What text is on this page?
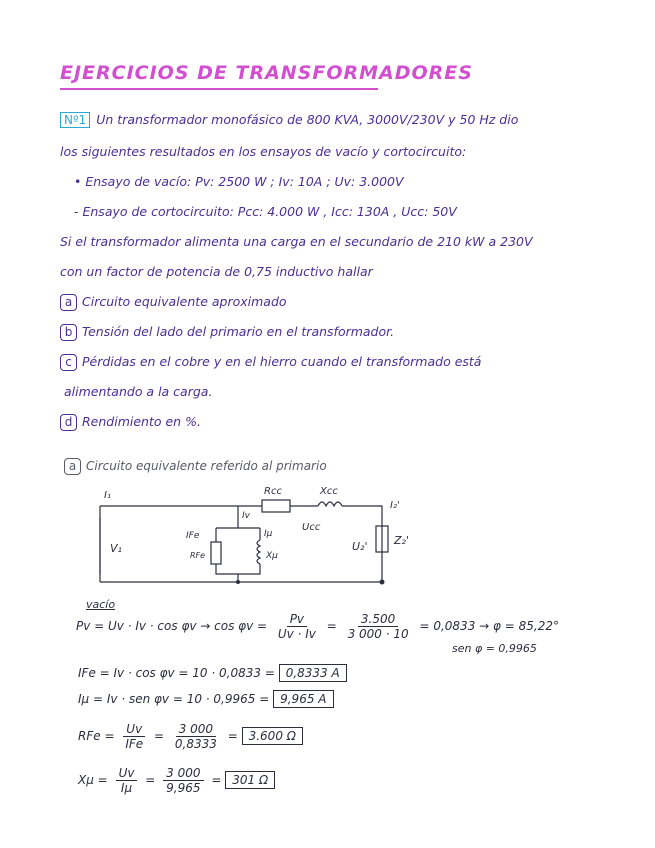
EJERCICIOS DE TRANSFORMADORES
Nº1 Un transformador monofásico de 800 KVA, 3000V/230V y 50 Hz dio
los siguientes resultados en los ensayos de vacío y cortocircuito:
• Ensayo de vacío: Pv: 2500 W ; Iv: 10A ; Uv: 3.000V
- Ensayo de cortocircuito: Pcc: 4.000 W , Icc: 130A , Ucc: 50V
Si el transformador alimenta una carga en el secundario de 210 kW a 230V
con un factor de potencia de 0,75 inductivo hallar
a Circuito equivalente aproximado
b Tensión del lado del primario en el transformador.
c Pérdidas en el cobre y en el hierro cuando el transformado está
alimentando a la carga.
d Rendimiento en %.
a Circuito equivalente referido al primario
I₁	Rcc	Xcc
I₂'
Iv
IFe	Iμ
Ucc
RFe	Xμ
V₁	U₂' Z₂'
vacío
$Pv = Uv \cdot Iv \cdot \cos \varphi v \to \cos \varphi v = \frac{Pv}{Uv \cdot Iv} = \frac{3.500}{3 000 \cdot 10} = 0,0833 \to \varphi = 85,22^\circ$
sen φ = 0,9965
IFe = Iv · cos φv = 10 · 0,0833 = 0,8333 A
Iμ = Iv · sen φv = 10 · 0,9965 = 9,965 A
RFe = $\frac{Uv}{\text{IFe}} = \frac{3 000}{0,8333} = 3.600$ Ω
$X\mu = \frac{Uv}{I\mu} = \frac{3 000}{9,965} = 301$ Ω
